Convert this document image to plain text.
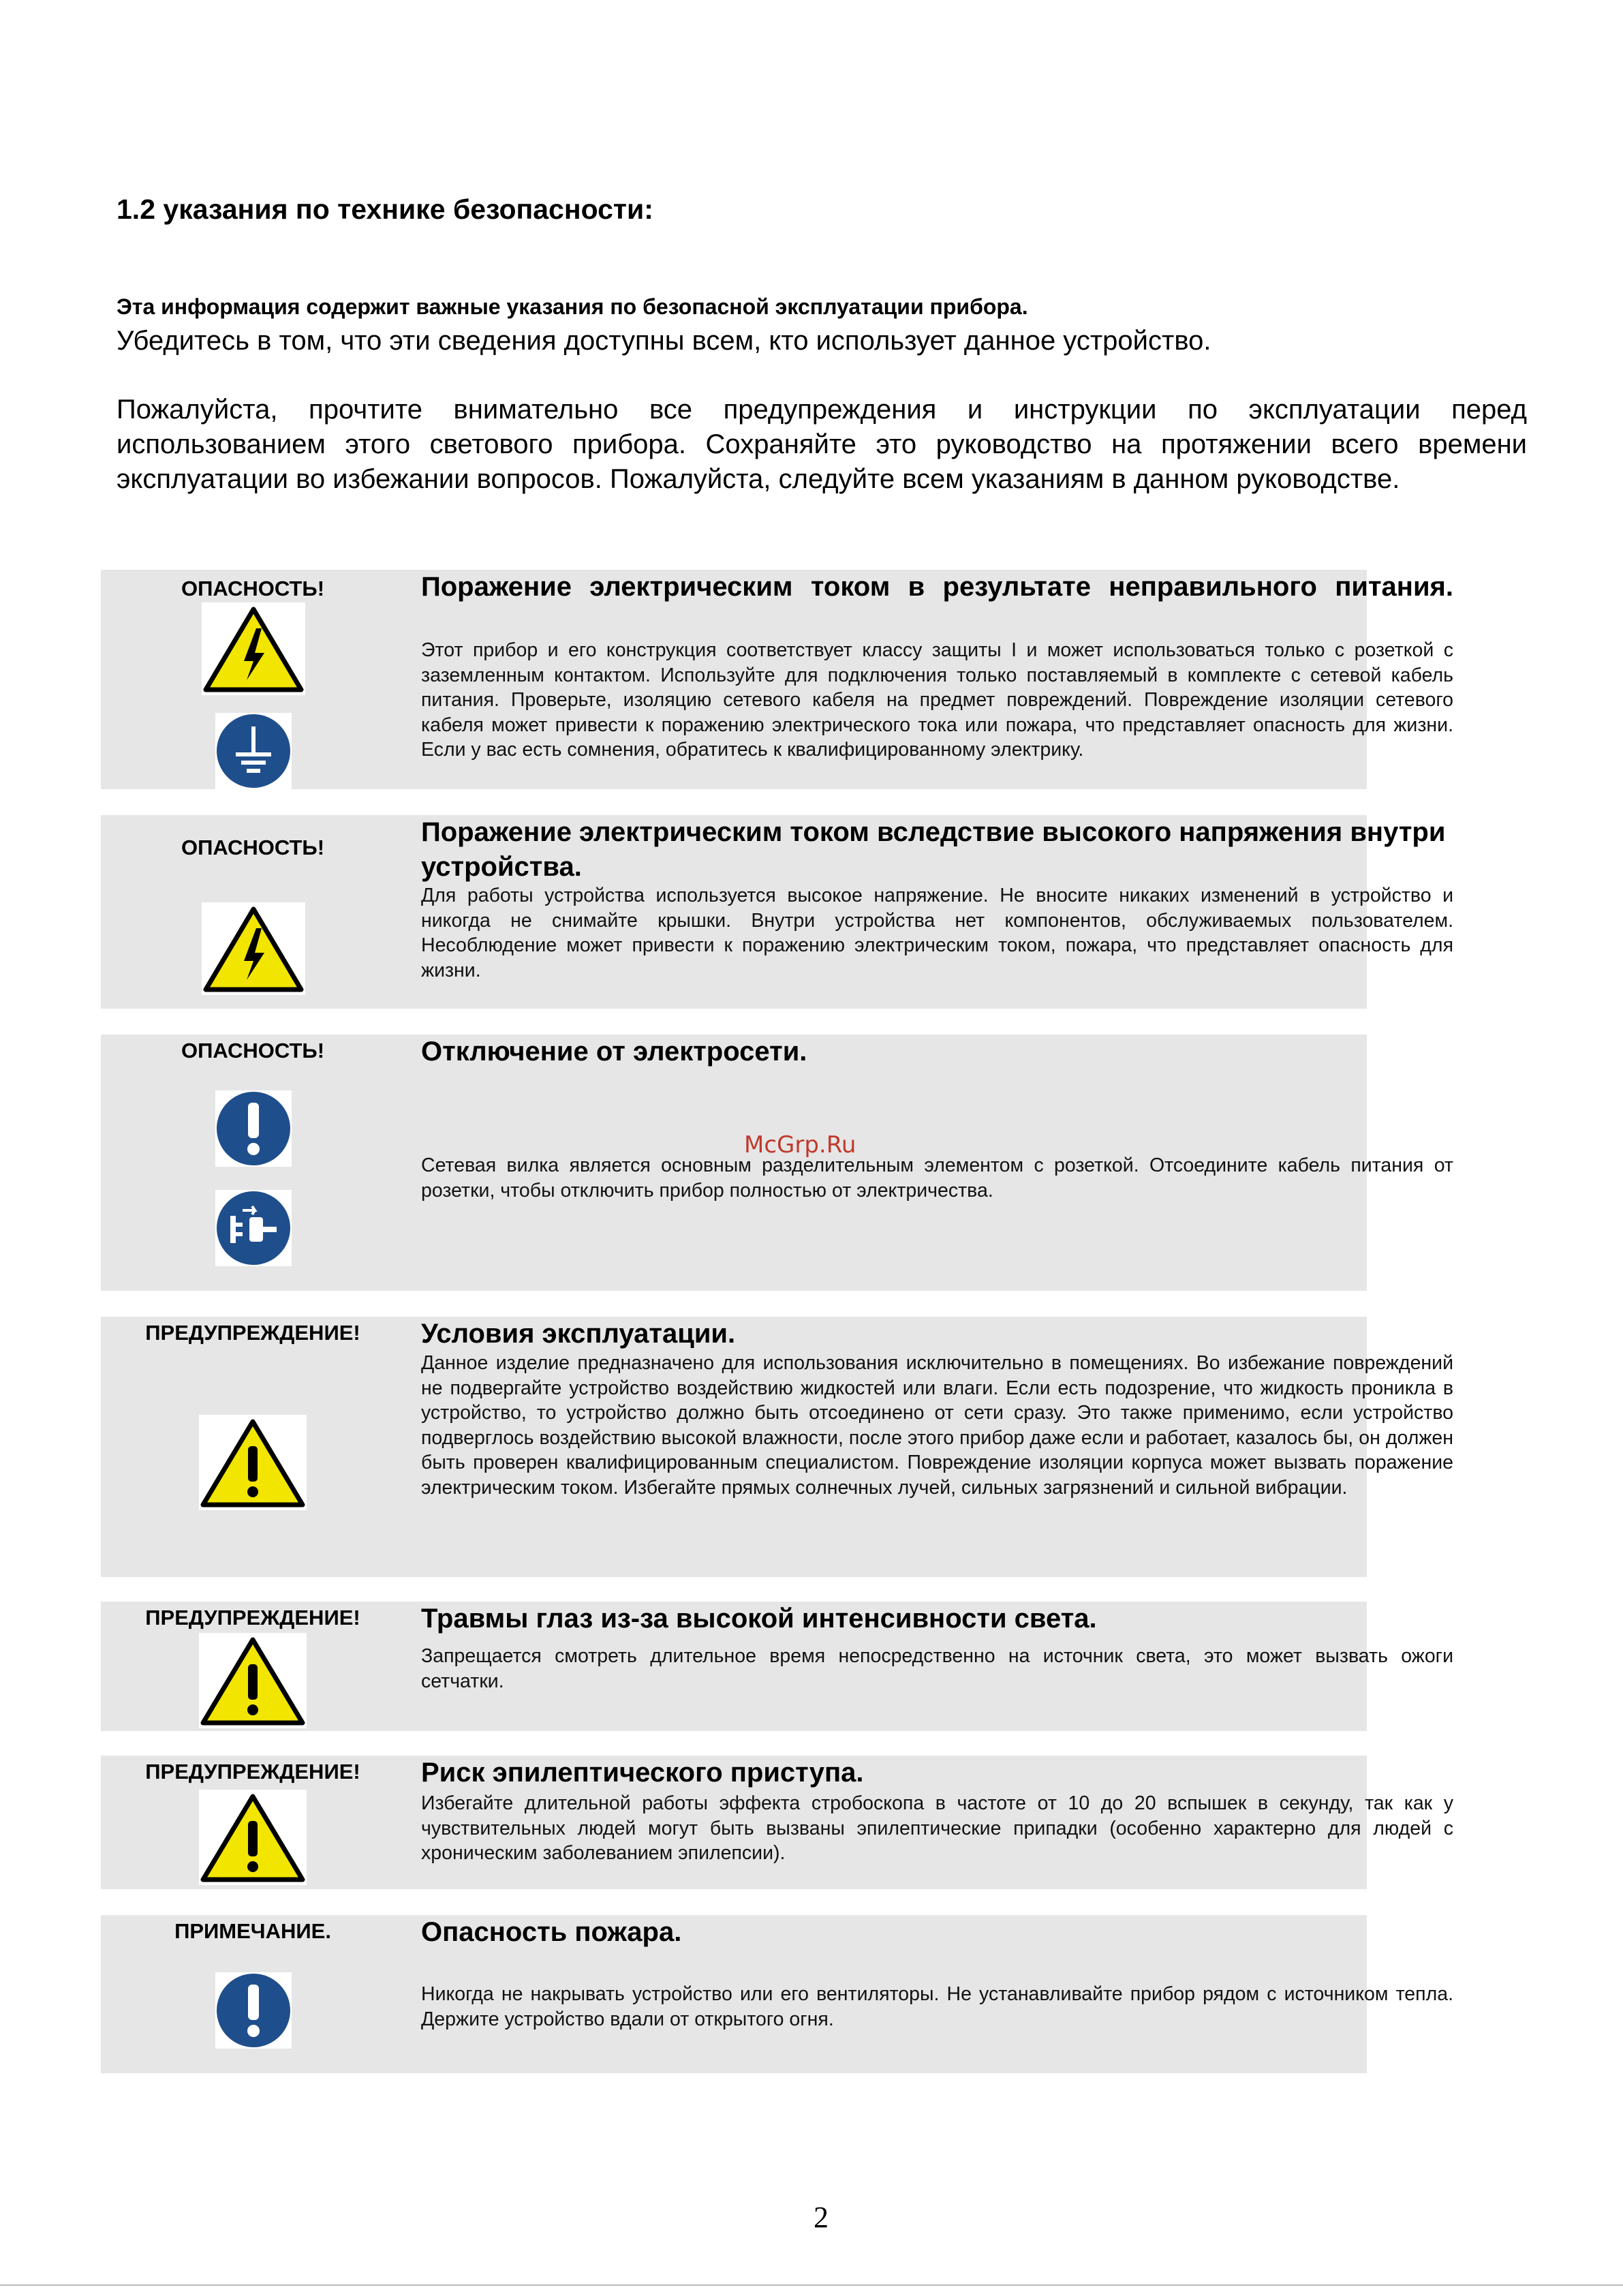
1.2 указания по технике безопасности:
Эта информация содержит важные указания по безопасной эксплуатации прибора.
Убедитесь в том, что эти сведения доступны всем, кто использует данное устройство.
Пожалуйста, прочтите внимательно все предупреждения и инструкции по эксплуатации перед использованием этого светового прибора. Сохраняйте это руководство на протяжении всего времени эксплуатации во избежании вопросов. Пожалуйста, следуйте всем указаниям в данном руководстве.
ОПАСНОСТЬ!	Поражение электрическим током в результате неправильного питания.
Этот прибор и его конструкция соответствует классу защиты I и может использоваться только с розеткой с заземленным контактом. Используйте для подключения только поставляемый в комплекте с сетевой кабель питания. Проверьте, изоляцию сетевого кабеля на предмет повреждений. Повреждение изоляции сетевого кабеля может привести к поражению электрического тока или пожара, что представляет опасность для жизни. Если у вас есть сомнения, обратитесь к квалифицированному электрику.
ОПАСНОСТЬ!
Поражение электрическим током вследствие высокого напряжения внутри устройства.
Для работы устройства используется высокое напряжение. Не вносите никаких изменений в устройство и никогда не снимайте крышки. Внутри устройства нет компонентов, обслуживаемых пользователем. Несоблюдение может привести к поражению электрическим током, пожара, что представляет опасность для жизни.
ОПАСНОСТЬ!	Отключение от электросети.
Сетевая вилка является основным разделительным элементом с розеткой. Отсоедините кабель питания от розетки, чтобы отключить прибор полностью от электричества.
ПРЕДУПРЕЖДЕНИЕ!	Условия эксплуатации.
Данное изделие предназначено для использования исключительно в помещениях. Во избежание повреждений не подвергайте устройство воздействию жидкостей или влаги. Если есть подозрение, что жидкость проникла в устройство, то устройство должно быть отсоединено от сети сразу. Это также применимо, если устройство подверглось воздействию высокой влажности, после этого прибор даже если и работает, казалось бы, он должен быть проверен квалифицированным специалистом. Повреждение изоляции корпуса может вызвать поражение электрическим током. Избегайте прямых солнечных лучей, сильных загрязнений и сильной вибрации.
ПРЕДУПРЕЖДЕНИЕ!	Травмы глаз из-за высокой интенсивности света.
Запрещается смотреть длительное время непосредственно на источник света, это может вызвать ожоги сетчатки.
ПРЕДУПРЕЖДЕНИЕ!	Риск эпилептического приступа.
Избегайте длительной работы эффекта стробоскопа в частоте от 10 до 20 вспышек в секунду, так как у чувствительных людей могут быть вызваны эпилептические припадки (особенно характерно для людей с хроническим заболеванием эпилепсии).
ПРИМЕЧАНИЕ.	Опасность пожара.
Никогда не накрывать устройство или его вентиляторы. Не устанавливайте прибор рядом с источником тепла. Держите устройство вдали от открытого огня.
McGrp.Ru
2
